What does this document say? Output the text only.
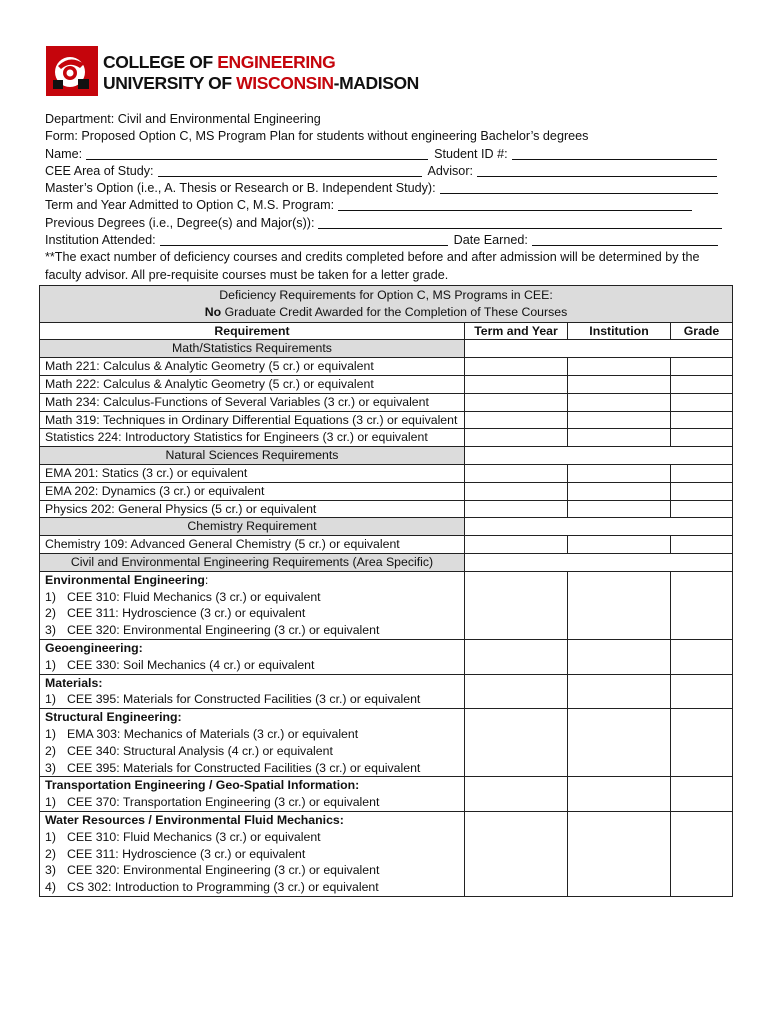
COLLEGE OF ENGINEERING
UNIVERSITY OF WISCONSIN-MADISON
Department: Civil and Environmental Engineering
Form: Proposed Option C, MS Program Plan for students without engineering Bachelor’s degrees
Name:	Student ID #:
CEE Area of Study:	Advisor:
Master’s Option (i.e., A. Thesis or Research or B. Independent Study):
Term and Year Admitted to Option C, M.S. Program:
Previous Degrees (i.e., Degree(s) and Major(s)):
Institution Attended:	Date Earned:
**The exact number of deficiency courses and credits completed before and after admission will be determined by the faculty advisor. All pre-requisite courses must be taken for a letter grade.
Deficiency Requirements for Option C, MS Programs in CEE:
No Graduate Credit Awarded for the Completion of These Courses			

Requirement	Term and Year	Institution	Grade
Math/Statistics Requirements			
Math 221: Calculus & Analytic Geometry (5 cr.) or equivalent			
Math 222: Calculus & Analytic Geometry (5 cr.) or equivalent			
Math 234: Calculus-Functions of Several Variables (3 cr.) or equivalent			
Math 319: Techniques in Ordinary Differential Equations (3 cr.) or equivalent			
Statistics 224: Introductory Statistics for Engineers (3 cr.) or equivalent			
Natural Sciences Requirements			
EMA 201: Statics (3 cr.) or equivalent			
EMA 202: Dynamics (3 cr.) or equivalent			
Physics 202: General Physics (5 cr.) or equivalent			
Chemistry Requirement			
Chemistry 109: Advanced General Chemistry (5 cr.) or equivalent			
Civil and Environmental Engineering Requirements (Area Specific)			

Environmental Engineering:
1) CEE 310: Fluid Mechanics (3 cr.) or equivalent
2) CEE 311: Hydroscience (3 cr.) or equivalent
3) CEE 320: Environmental Engineering (3 cr.) or equivalent			

Geoengineering:
1) CEE 330: Soil Mechanics (4 cr.) or equivalent			

Materials:
1) CEE 395: Materials for Constructed Facilities (3 cr.) or equivalent			

Structural Engineering:
1) EMA 303: Mechanics of Materials (3 cr.) or equivalent
2) CEE 340: Structural Analysis (4 cr.) or equivalent
3) CEE 395: Materials for Constructed Facilities (3 cr.) or equivalent			

Transportation Engineering / Geo-Spatial Information:
1) CEE 370: Transportation Engineering (3 cr.) or equivalent			

Water Resources / Environmental Fluid Mechanics:
1) CEE 310: Fluid Mechanics (3 cr.) or equivalent
2) CEE 311: Hydroscience (3 cr.) or equivalent
3) CEE 320: Environmental Engineering (3 cr.) or equivalent
4) CS 302: Introduction to Programming (3 cr.) or equivalent			
